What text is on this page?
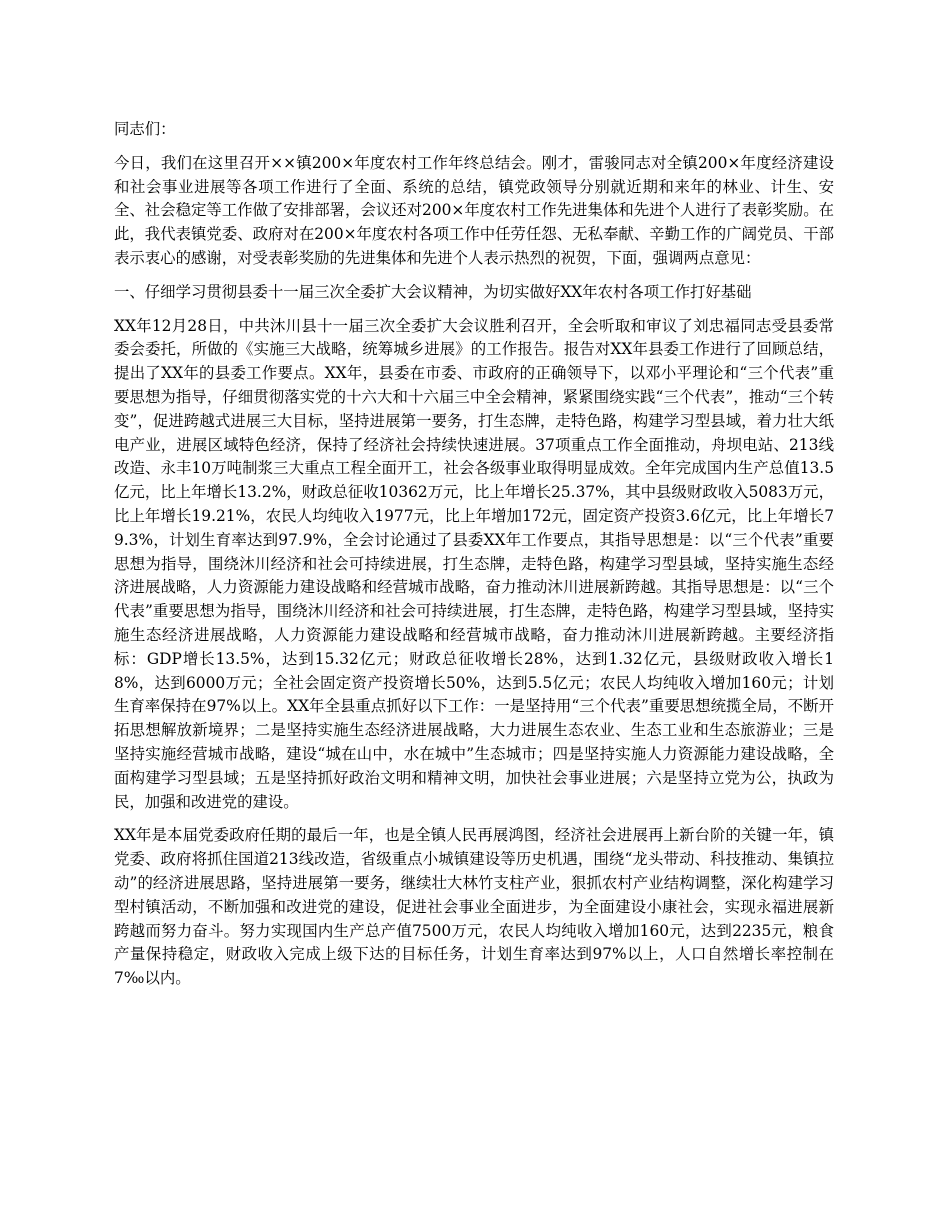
同志们：

今日，我们在这里召开××镇200×年度农村工作年终总结会。刚才，雷骏同志对全镇200×年度经济建设和社会事业进展等各项工作进行了全面、系统的总结，镇党政领导分别就近期和来年的林业、计生、安全、社会稳定等工作做了安排部署，会议还对200×年度农村工作先进集体和先进个人进行了表彰奖励。在此，我代表镇党委、政府对在200×年度农村各项工作中任劳任怨、无私奉献、辛勤工作的广阔党员、干部表示衷心的感谢，对受表彰奖励的先进集体和先进个人表示热烈的祝贺，下面，强调两点意见：

一、仔细学习贯彻县委十一届三次全委扩大会议精神，为切实做好XX年农村各项工作打好基础

XX年12月28日，中共沐川县十一届三次全委扩大会议胜利召开，全会听取和审议了刘忠福同志受县委常委会委托，所做的《实施三大战略，统筹城乡进展》的工作报告。报告对XX年县委工作进行了回顾总结，提出了XX年的县委工作要点。XX年，县委在市委、市政府的正确领导下，以邓小平理论和“三个代表”重要思想为指导，仔细贯彻落实党的十六大和十六届三中全会精神，紧紧围绕实践“三个代表”，推动“三个转变”，促进跨越式进展三大目标，坚持进展第一要务，打生态牌，走特色路，构建学习型县域，着力壮大纸电产业，进展区域特色经济，保持了经济社会持续快速进展。37项重点工作全面推动，舟坝电站、213线改造、永丰10万吨制浆三大重点工程全面开工，社会各级事业取得明显成效。全年完成国内生产总值13.5亿元，比上年增长13.2%，财政总征收10362万元，比上年增长25.37%，其中县级财政收入5083万元，比上年增长19.21%，农民人均纯收入1977元，比上年增加172元，固定资产投资3.6亿元，比上年增长79.3%，计划生育率达到97.9%，全会讨论通过了县委XX年工作要点，其指导思想是：以“三个代表”重要思想为指导，围绕沐川经济和社会可持续进展，打生态牌，走特色路，构建学习型县域，坚持实施生态经济进展战略，人力资源能力建设战略和经营城市战略，奋力推动沐川进展新跨越。其指导思想是：以“三个代表”重要思想为指导，围绕沐川经济和社会可持续进展，打生态牌，走特色路，构建学习型县域，坚持实施生态经济进展战略，人力资源能力建设战略和经营城市战略，奋力推动沐川进展新跨越。主要经济指标：GDP增长13.5%，达到15.32亿元；财政总征收增长28%，达到1.32亿元，县级财政收入增长18%，达到6000万元；全社会固定资产投资增长50%，达到5.5亿元；农民人均纯收入增加160元；计划生育率保持在97%以上。XX年全县重点抓好以下工作：一是坚持用“三个代表”重要思想统揽全局，不断开拓思想解放新境界；二是坚持实施生态经济进展战略，大力进展生态农业、生态工业和生态旅游业；三是坚持实施经营城市战略，建设“城在山中，水在城中”生态城市；四是坚持实施人力资源能力建设战略，全面构建学习型县域；五是坚持抓好政治文明和精神文明，加快社会事业进展；六是坚持立党为公，执政为民，加强和改进党的建设。

XX年是本届党委政府任期的最后一年，也是全镇人民再展鸿图，经济社会进展再上新台阶的关键一年，镇党委、政府将抓住国道213线改造，省级重点小城镇建设等历史机遇，围绕“龙头带动、科技推动、集镇拉动”的经济进展思路，坚持进展第一要务，继续壮大林竹支柱产业，狠抓农村产业结构调整，深化构建学习型村镇活动，不断加强和改进党的建设，促进社会事业全面进步，为全面建设小康社会，实现永福进展新跨越而努力奋斗。努力实现国内生产总产值7500万元，农民人均纯收入增加160元，达到2235元，粮食产量保持稳定，财政收入完成上级下达的目标任务，计划生育率达到97%以上，人口自然增长率控制在7‰以内。
